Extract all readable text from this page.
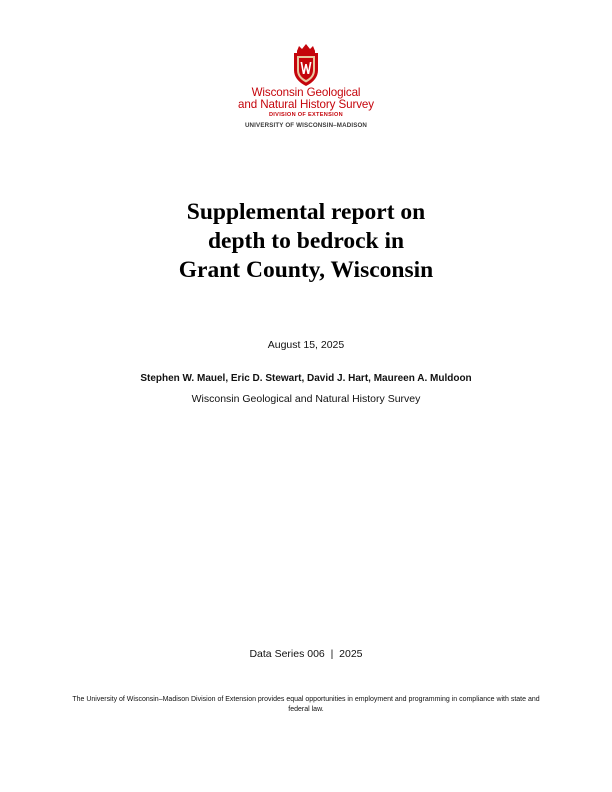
Wisconsin Geological
and Natural History Survey
DIVISION OF EXTENSION
UNIVERSITY OF WISCONSIN–MADISON
Supplemental report on
depth to bedrock in
Grant County, Wisconsin
August 15, 2025
Stephen W. Mauel, Eric D. Stewart, David J. Hart, Maureen A. Muldoon
Wisconsin Geological and Natural History Survey
Data Series 006  |  2025
The University of Wisconsin–Madison Division of Extension provides equal opportunities in employment and programming in compliance with state and federal law.
